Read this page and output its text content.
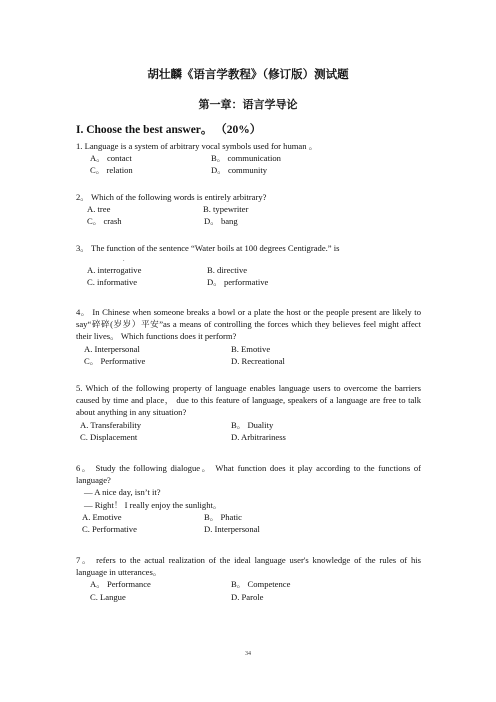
胡壮麟《语言学教程》（修订版）测试题
第一章：语言学导论
I. Choose the best answer。 （20%）
1. Language is a system of arbitrary vocal symbols used for human 。
A。 contact	B。 communication
C。 relation	D。 community
2。 Which of the following words is entirely arbitrary?
A. tree	B. typewriter
C。 crash	D。 bang
3。 The function of the sentence “Water boils at 100 degrees Centigrade.” is
.
A. interrogative	B. directive
C. informative	D。 performative
4。 In Chinese when someone breaks a bowl or a plate the host or the people present are likely to say“碎碎(岁岁）平安”as a means of controlling the forces which they believes feel might affect their lives。 Which functions does it perform?
A. Interpersonal	B. Emotive
C。 Performative	D. Recreational
5. Which of the following property of language enables language users to overcome the barriers caused by time and place， due to this feature of language, speakers of a language are free to talk about anything in any situation?
A. Transferability	B。 Duality
C. Displacement	D. Arbitrariness
6。 Study the following dialogue。 What function does it play according to the functions of language?
— A nice day, isn’t it?
— Right！ I really enjoy the sunlight。
A. Emotive	B。 Phatic
C. Performative	D. Interpersonal
7。 refers to the actual realization of the ideal language user's knowledge of the rules of his language in utterances。
A。 Performance	B。 Competence
C. Langue	D. Parole
34
